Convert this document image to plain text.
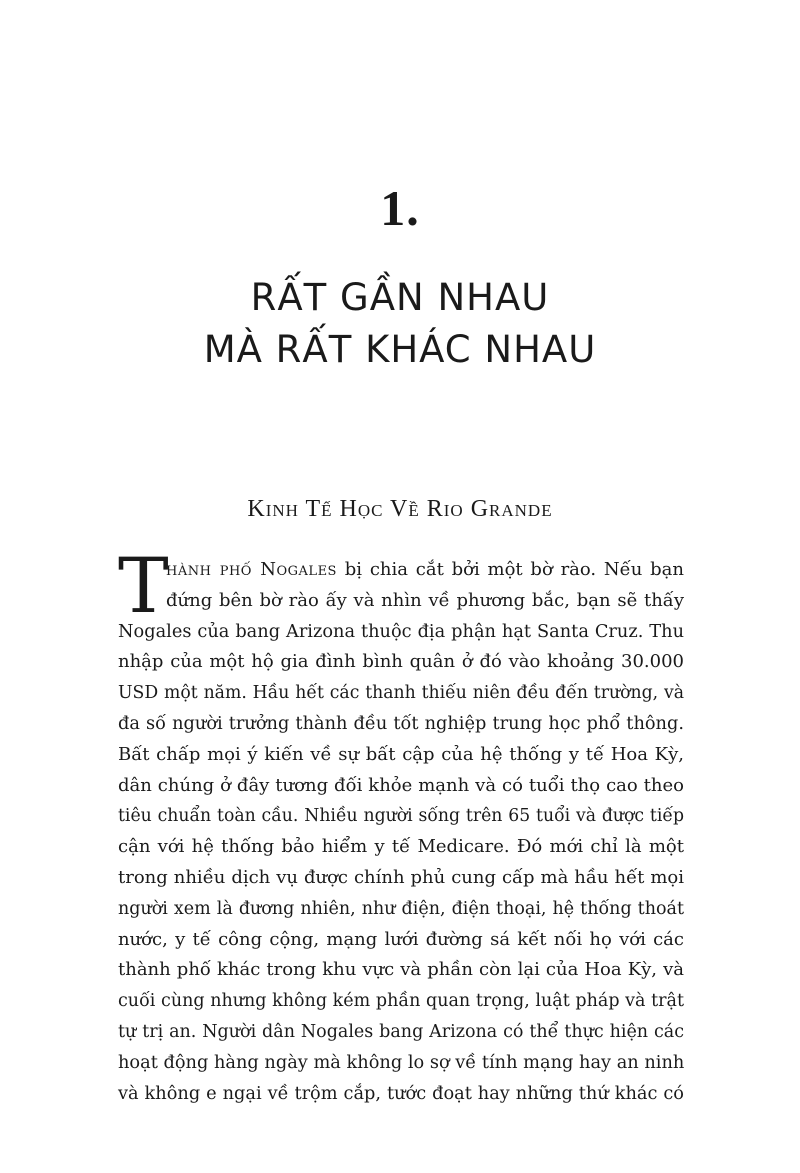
1.
RẤT GẦN NHAU
MÀ RẤT KHÁC NHAU
Kinh Tế Học Về Rio Grande
T
hành phố Nogales bị chia cắt bởi một bờ rào. Nếu bạn
đứng bên bờ rào ấy và nhìn về phương bắc, bạn sẽ thấy
Nogales của bang Arizona thuộc địa phận hạt Santa Cruz. Thu
nhập của một hộ gia đình bình quân ở đó vào khoảng 30.000
USD một năm. Hầu hết các thanh thiếu niên đều đến trường, và
đa số người trưởng thành đều tốt nghiệp trung học phổ thông.
Bất chấp mọi ý kiến về sự bất cập của hệ thống y tế Hoa Kỳ,
dân chúng ở đây tương đối khỏe mạnh và có tuổi thọ cao theo
tiêu chuẩn toàn cầu. Nhiều người sống trên 65 tuổi và được tiếp
cận với hệ thống bảo hiểm y tế Medicare. Đó mới chỉ là một
trong nhiều dịch vụ được chính phủ cung cấp mà hầu hết mọi
người xem là đương nhiên, như điện, điện thoại, hệ thống thoát
nước, y tế công cộng, mạng lưới đường sá kết nối họ với các
thành phố khác trong khu vực và phần còn lại của Hoa Kỳ, và
cuối cùng nhưng không kém phần quan trọng, luật pháp và trật
tự trị an. Người dân Nogales bang Arizona có thể thực hiện các
hoạt động hàng ngày mà không lo sợ về tính mạng hay an ninh
và không e ngại về trộm cắp, tước đoạt hay những thứ khác có
